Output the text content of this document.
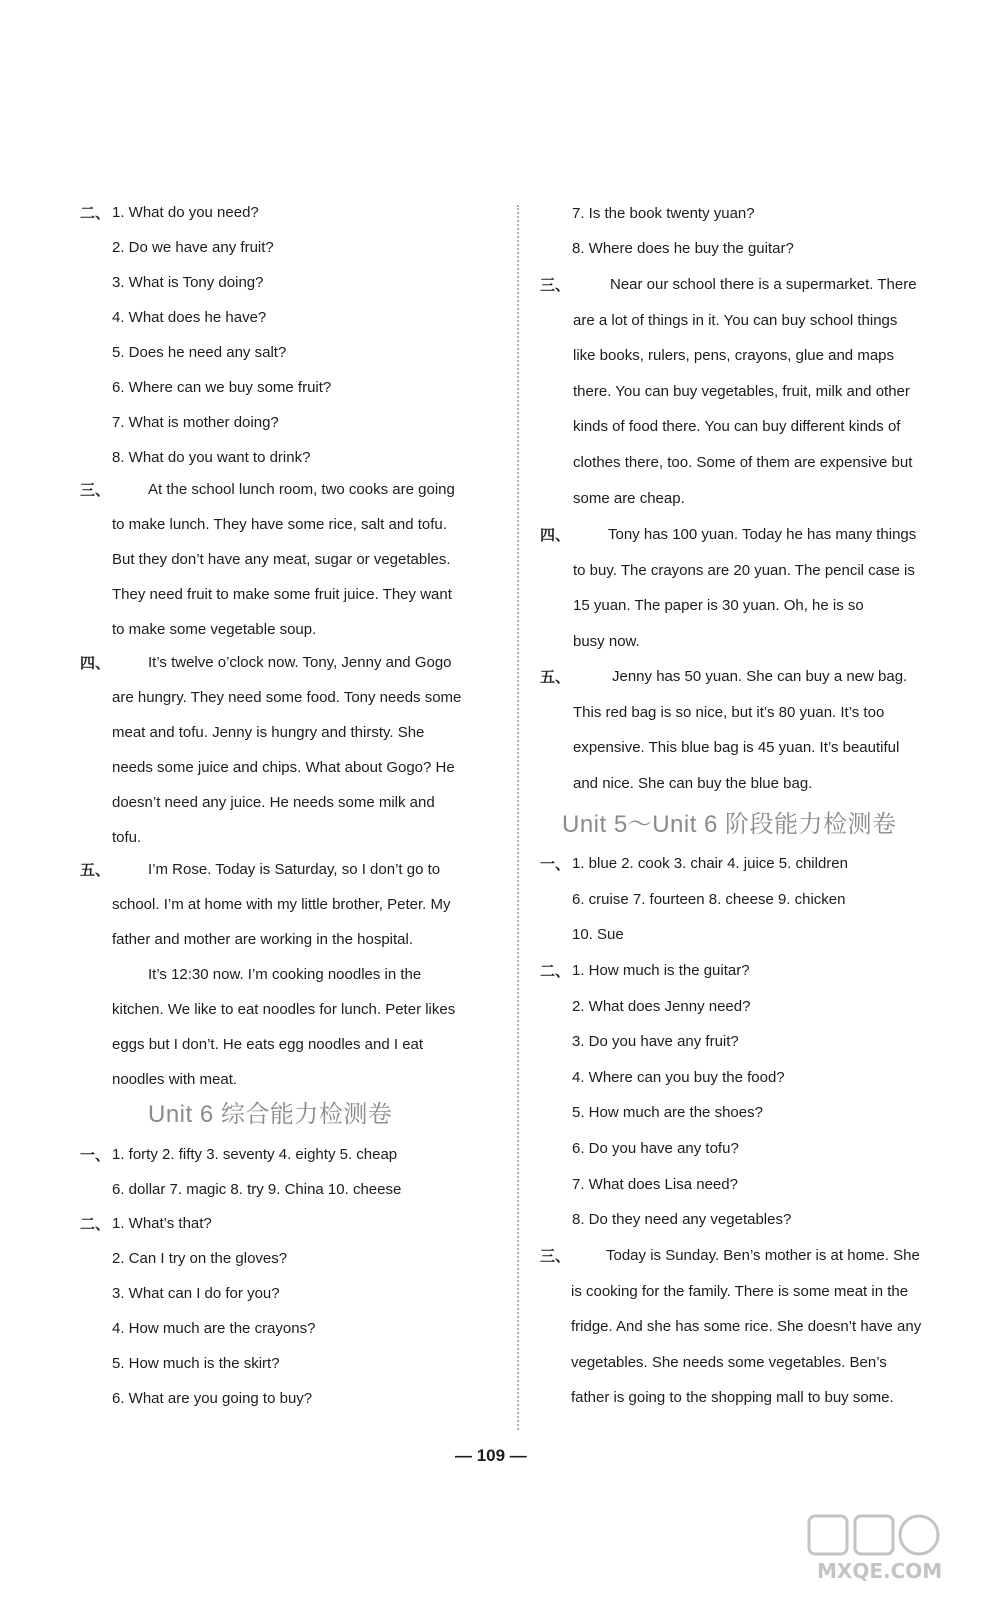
二、 1. What do you need?
2. Do we have any fruit?
3. What is Tony doing?
4. What does he have?
5. Does he need any salt?
6. Where can we buy some fruit?
7. What is mother doing?
8. What do you want to drink?
三、	At the school lunch room, two cooks are going
to make lunch. They have some rice, salt and tofu.
But they don’t have any meat, sugar or vegetables.
They need fruit to make some fruit juice. They want
to make some vegetable soup.
四、	It’s twelve o’clock now. Tony, Jenny and Gogo
are hungry. They need some food. Tony needs some
meat and tofu. Jenny is hungry and thirsty. She
needs some juice and chips. What about Gogo? He
doesn’t need any juice. He needs some milk and
tofu.
五、	I’m Rose. Today is Saturday, so I don’t go to
school. I’m at home with my little brother, Peter. My
father and mother are working in the hospital.
It’s 12:30 now. I’m cooking noodles in the
kitchen. We like to eat noodles for lunch. Peter likes
eggs but I don’t. He eats egg noodles and I eat
noodles with meat.
Unit 6 综合能力检测卷
一、 1. forty 2. fifty 3. seventy 4. eighty 5. cheap
6. dollar 7. magic 8. try 9. China 10. cheese
二、 1. What’s that?
2. Can I try on the gloves?
3. What can I do for you?
4. How much are the crayons?
5. How much is the skirt?
6. What are you going to buy?
7. Is the book twenty yuan?
8. Where does he buy the guitar?
三、	Near our school there is a supermarket. There
are a lot of things in it. You can buy school things
like books, rulers, pens, crayons, glue and maps
there. You can buy vegetables, fruit, milk and other
kinds of food there. You can buy different kinds of
clothes there, too. Some of them are expensive but
some are cheap.
四、	Tony has 100 yuan. Today he has many things
to buy. The crayons are 20 yuan. The pencil case is
15 yuan. The paper is 30 yuan. Oh, he is so
busy now.
五、	Jenny has 50 yuan. She can buy a new bag.
This red bag is so nice, but it’s 80 yuan. It’s too
expensive. This blue bag is 45 yuan. It’s beautiful
and nice. She can buy the blue bag.
Unit 5～Unit 6 阶段能力检测卷
一、 1. blue 2. cook 3. chair 4. juice 5. children
6. cruise 7. fourteen 8. cheese 9. chicken
10. Sue
二、 1. How much is the guitar?
2. What does Jenny need?
3. Do you have any fruit?
4. Where can you buy the food?
5. How much are the shoes?
6. Do you have any tofu?
7. What does Lisa need?
8. Do they need any vegetables?
三、 Today is Sunday. Ben’s mother is at home. She
is cooking for the family. There is some meat in the
fridge. And she has some rice. She doesn’t have any
vegetables. She needs some vegetables. Ben’s
father is going to the shopping mall to buy some.
— 109 —
MXQE.COM
